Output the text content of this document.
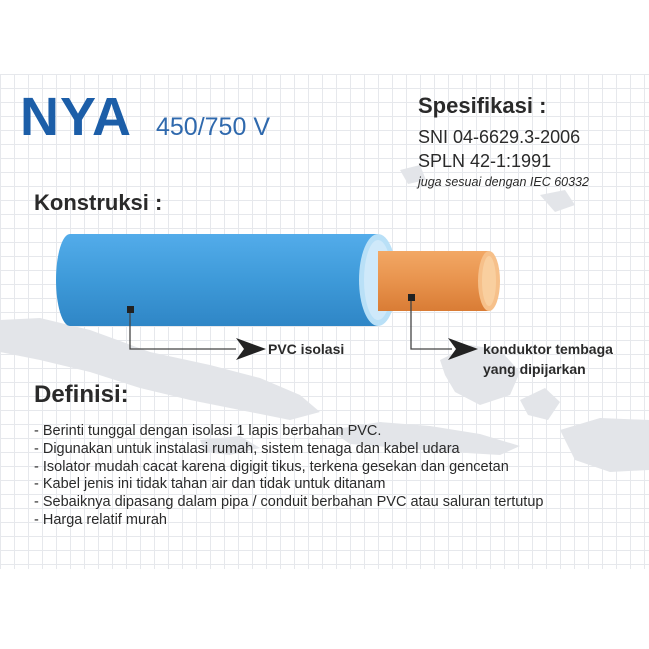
NYA 450/750 V
Spesifikasi :
SNI 04-6629.3-2006
SPLN 42-1:1991
juga sesuai dengan IEC 60332
Konstruksi :
PVC isolasi	konduktor tembaga
yang dipijarkan
Definisi:
- Berinti tunggal dengan isolasi 1 lapis berbahan PVC.
- Digunakan untuk instalasi rumah, sistem tenaga dan kabel udara
- Isolator mudah cacat karena digigit tikus, terkena gesekan dan gencetan
- Kabel jenis ini tidak tahan air dan tidak untuk ditanam
- Sebaiknya dipasang dalam pipa / conduit berbahan PVC atau saluran tertutup
- Harga relatif murah
